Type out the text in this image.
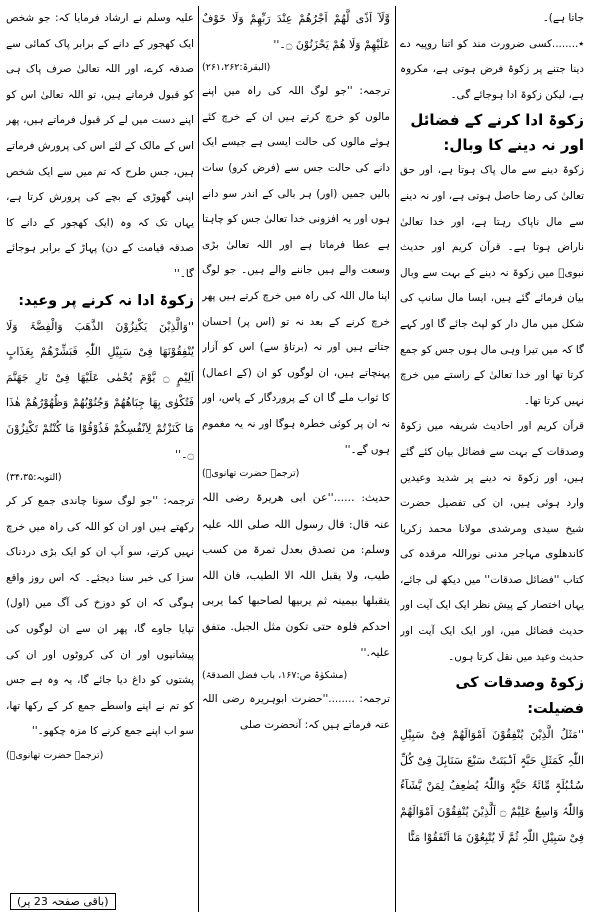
جاتا ہے)۔
٭........کسی ضرورت مند کو اتنا روپیہ دے دینا جتنے پر زکوۃ فرض ہوتی ہے، مکروہ ہے، لیکن زکوۃ ادا ہوجائے گی۔
زکوۃ ادا کرنے کے فضائل اور نہ دینے کا وبال:
زکوۃ دینے سے مال پاک ہوتا ہے، اور حق تعالیٰ کی رضا حاصل ہوتی ہے، اور نہ دینے سے مال ناپاک رہتا ہے، اور خدا تعالیٰ ناراض ہوتا ہے۔ قرآن کریم اور حدیث نبویؐ میں زکوۃ نہ دینے کے بہت سے وبال بیان فرمائے گئے ہیں، ایسا مال سانپ کی شکل میں مال دار کو لپٹ جائے گا اور کہے گا کہ میں تیرا وہی مال ہوں جس کو جمع کرتا تھا اور خدا تعالیٰ کے راستے میں خرچ نہیں کرتا تھا۔
قرآن کریم اور احادیث شریفہ میں زکوۃ وصدقات کے بہت سے فضائل بیان کئے گئے ہیں، اور زکوۃ نہ دینے پر شدید وعیدیں وارد ہوئی ہیں، ان کی تفصیل حضرت شیخ سیدی ومرشدی مولانا محمد زکریا کاندھلوی مہاجر مدنی نوراللہ مرقدہ کی کتاب ''فضائل صدقات'' میں دیکھ لی جائے، یہاں اختصار کے پیش نظر ایک ایک آیت اور حدیث فضائل میں، اور ایک ایک آیت اور حدیث وعید میں نقل کرتا ہوں۔
زکوۃ وصدقات کی فضیلت:
''مَثَلُ الَّذِیْنَ یُنْفِقُوْنَ اَمْوَالَھُمْ فِیْ سَبِیْلِ اللّٰہِ کَمَثَلِ حَبَّۃٍ اَنْۢبَتَتْ سَبْعَ سَنَابِلَ فِیْ کُلِّ سُنْۢبُلَۃٍ مِّائَۃُ حَبَّۃٍ وَاللّٰہُ یُضٰعِفُ لِمَنْ یَّشَآءُ وَاللّٰہُ وَاسِعٌ عَلِیْمٌ ۝ اَلَّذِیْنَ یُنْفِقُوْنَ اَمْوَالَھُمْ فِیْ سَبِیْلِ اللّٰہِ ثُمَّ لَا یُتْبِعُوْنَ مَا اَنْفَقُوْا مَنًّا
وَّلَآ اَذًی لَّھُمْ اَجْرُھُمْ عِنْدَ رَبِّھِمْ وَلَا خَوْفٌ عَلَیْھِمْ وَلَا ھُمْ یَحْزَنُوْنَ ۝۔''
(البقرۃ:۲۶۱،۲۶۲)
ترجمہ: ''جو لوگ اللہ کی راہ میں اپنے مالوں کو خرچ کرتے ہیں ان کے خرچ کئے ہوئے مالوں کی حالت ایسی ہے جیسے ایک دانے کی حالت جس سے (فرض کرو) سات بالیں جمیں (اور) ہر بالی کے اندر سو دانے ہوں اور یہ افزونی خدا تعالیٰ جس کو چاہتا ہے عطا فرماتا ہے اور اللہ تعالیٰ بڑی وسعت والے ہیں جاننے والے ہیں۔ جو لوگ اپنا مال اللہ کی راہ میں خرچ کرتے ہیں پھر خرچ کرنے کے بعد نہ تو (اس پر) احسان جتاتے ہیں اور نہ (برتاؤ سے) اس کو آزار پہنچاتے ہیں، ان لوگوں کو ان (کے اعمال) کا ثواب ملے گا ان کے پروردگار کے پاس، اور نہ ان پر کوئی خطرہ ہوگا اور نہ یہ مغموم ہوں گے۔''
(ترجمہ حضرت تھانویؒ)
حدیث: ......''عن ابی ھریرۃ رضی اللہ عنہ قال: قال رسول اللہ صلی اللہ علیہ وسلم: من تصدق بعدل تمرۃ من کسب طیب، ولا یقبل اللہ الا الطیب، فان اللہ یتقبلھا بیمینہ ثم یربیھا لصاحبھا کما یربی احدکم فلوہ حتی تکون مثل الجبل. متفق علیہ.''
(مشکوٰۃ ص:۱۶۷، باب فضل الصدقۃ)
ترجمہ: ........''حضرت ابوہریرہ رضی اللہ عنہ فرماتے ہیں کہ: آنحضرت صلی
علیہ وسلم نے ارشاد فرمایا کہ: جو شخص ایک کھجور کے دانے کے برابر پاک کمائی سے صدقہ کرے، اور اللہ تعالیٰ صرف پاک ہی کو قبول فرماتے ہیں، تو اللہ تعالیٰ اس کو اپنے دست میں لے کر قبول فرماتے ہیں، پھر اس کے مالک کے لئے اس کی پرورش فرماتے ہیں، جس طرح کہ تم میں سے ایک شخص اپنی گھوڑی کے بچے کی پرورش کرتا ہے، یہاں تک کہ وہ (ایک کھجور کے دانے کا صدقہ قیامت کے دن) پہاڑ کے برابر ہوجائے گا۔''
زکوۃ ادا نہ کرنے پر وعید:
''وَالَّذِیْنَ یَکْنِزُوْنَ الذَّھَبَ وَالْفِضَّۃَ وَلَا یُنْفِقُوْنَھَا فِیْ سَبِیْلِ اللّٰہِ فَبَشِّرْھُمْ بِعَذَابٍ اَلِیْمٍ ۝ یَّوْمَ یُحْمٰی عَلَیْھَا فِیْ نَارِ جَھَنَّمَ فَتُکْوٰی بِھَا جِبَاھُھُمْ وَجُنُوْبُھُمْ وَظُھُوْرُھُمْ ھٰذَا مَا کَنَزْتُمْ لِاَنْفُسِکُمْ فَذُوْقُوْا مَا کُنْتُمْ تَکْنِزُوْنَ ۝۔''
(التوبہ:۳۴،۳۵)
ترجمہ: ''جو لوگ سونا چاندی جمع کر کر رکھتے ہیں اور ان کو اللہ کی راہ میں خرچ نہیں کرتے، سو آپ ان کو ایک بڑی دردناک سزا کی خبر سنا دیجئے۔ کہ اس روز واقع ہوگی کہ ان کو دوزخ کی آگ میں (اول) تپایا جاوے گا، پھر ان سے ان لوگوں کی پیشانیوں اور ان کی کروٹوں اور ان کی پشتوں کو داغ دیا جائے گا، یہ وہ ہے جس کو تم نے اپنے واسطے جمع کر کے رکھا تھا، سو اب اپنے جمع کرنے کا مزہ چکھو۔''
(ترجمہ حضرت تھانویؒ)
(باقی صفحہ 23 پر)
